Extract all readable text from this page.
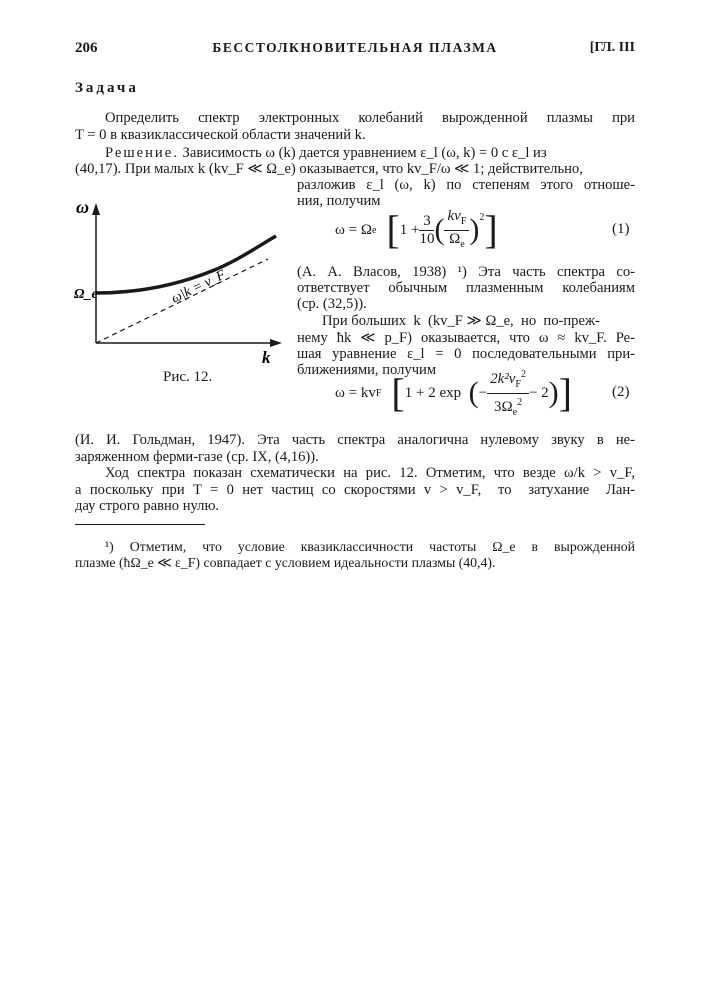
206	БЕССТОЛКНОВИТЕЛЬНАЯ ПЛАЗМА	[ГЛ. III
Задача
Определить спектр электронных колебаний вырожденной плазмы при
T = 0 в квазиклассической области значений k.
Решение. Зависимость ω (k) дается уравнением ε_l (ω, k) = 0 с ε_l из
(40,17). При малых k (kv_F ≪ Ω_e) оказывается, что kv_F/ω ≪ 1; действительно,
разложив ε_l (ω, k) по степеням этого отноше-
ния, получим
ω = Ω e [ $1 + \frac{3}{10}$ ( $\frac{kv_F}{\Omega_e} )^2$ ]	(1)
(А. А. Власов, 1938) ¹) Эта часть спектра со-
ответствует обычным плазменным колебаниям
(ср. (32,5)).
При больших  k  (kv_F ≫ Ω_e,  но  по-преж-
нему ħk ≪ p_F) оказывается, что ω ≈ kv_F. Ре-
шая уравнение ε_l = 0 последовательными при-
ближениями, получим
ω = kv F [ 1 + 2 exp ( − $\frac{2k^2v_F^2}{3\Omega_e^2} - 2$ ) ]	(2)
(И. И. Гольдман, 1947). Эта часть спектра аналогична нулевому звуку в не-
заряженном ферми-газе (ср. IX, (4,16)).
Ход спектра показан схематически на рис. 12. Отметим, что везде ω/k > v_F,
а поскольку при T = 0 нет частиц со скоростями v > v_F,  то  затухание  Лан-
дау строго равно нулю.
ω
k
Ω_e	ω|k = v_F
Рис. 12.
¹) Отметим, что условие квазиклассичности частоты Ω_e в вырожденной
плазме (ħΩ_e ≪ ε_F) совпадает с условием идеальности плазмы (40,4).
